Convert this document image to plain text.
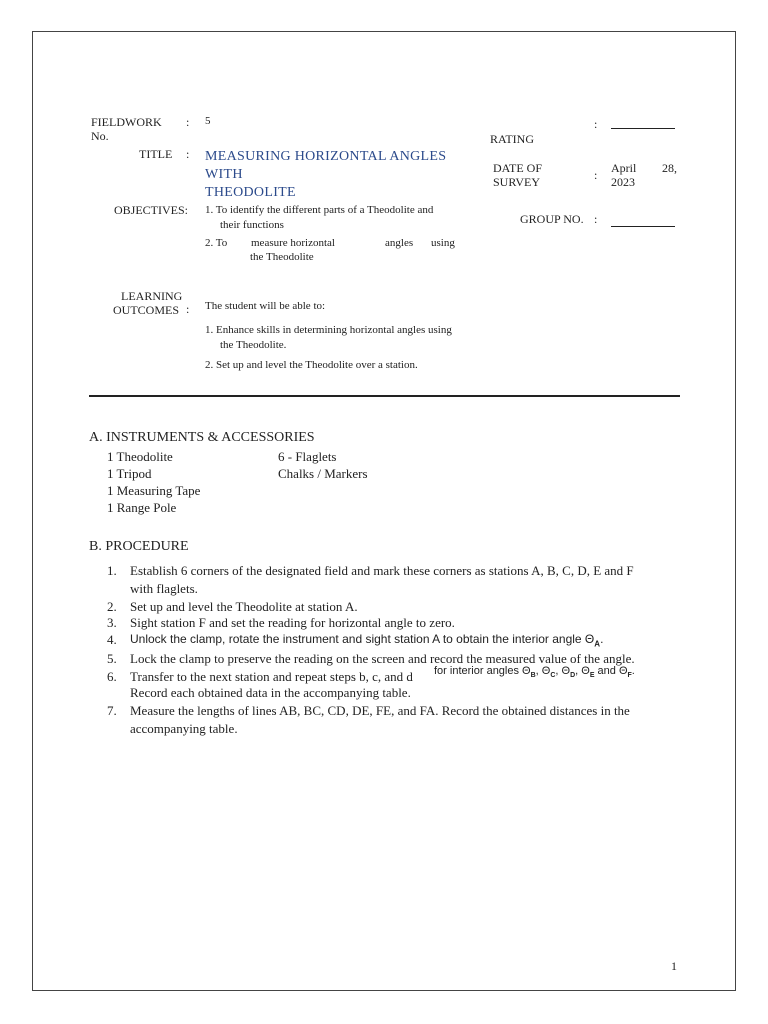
FIELDWORK
No.
: 5
TITLE : MEASURING HORIZONTAL ANGLES
WITH
THEODOLITE
OBJECTIVES: 1. To identify the different parts of a Theodolite and
their functions
2. To measure horizontal	angles using
the Theodolite
LEARNING
OUTCOMES : The student will be able to:
1. Enhance skills in determining horizontal angles using
the Theodolite.
2. Set up and level the Theodolite over a station.
:
RATING
DATE OF
SURVEY	: April 28,
2023
GROUP NO. :
A. INSTRUMENTS & ACCESSORIES
1 Theodolite
1 Tripod
1 Measuring Tape
1 Range Pole
6 - Flaglets
Chalks / Markers
B. PROCEDURE
1. Establish 6 corners of the designated field and mark these corners as stations A, B, C, D, E and F
with flaglets.
2. Set up and level the Theodolite at station A.
3. Sight station F and set the reading for horizontal angle to zero.
4. Unlock the clamp, rotate the instrument and sight station A to obtain the interior angle $\Theta_A$.
5. Lock the clamp to preserve the reading on the screen and record the measured value of the angle.
6. Transfer to the next station and repeat steps b, c, and d for interior angles $\Theta_B$, $\Theta_C$, $\Theta_D$, $\Theta_E$ and $\Theta_F$.
Record each obtained data in the accompanying table.
7. Measure the lengths of lines AB, BC, CD, DE, FE, and FA. Record the obtained distances in the
accompanying table.
1
